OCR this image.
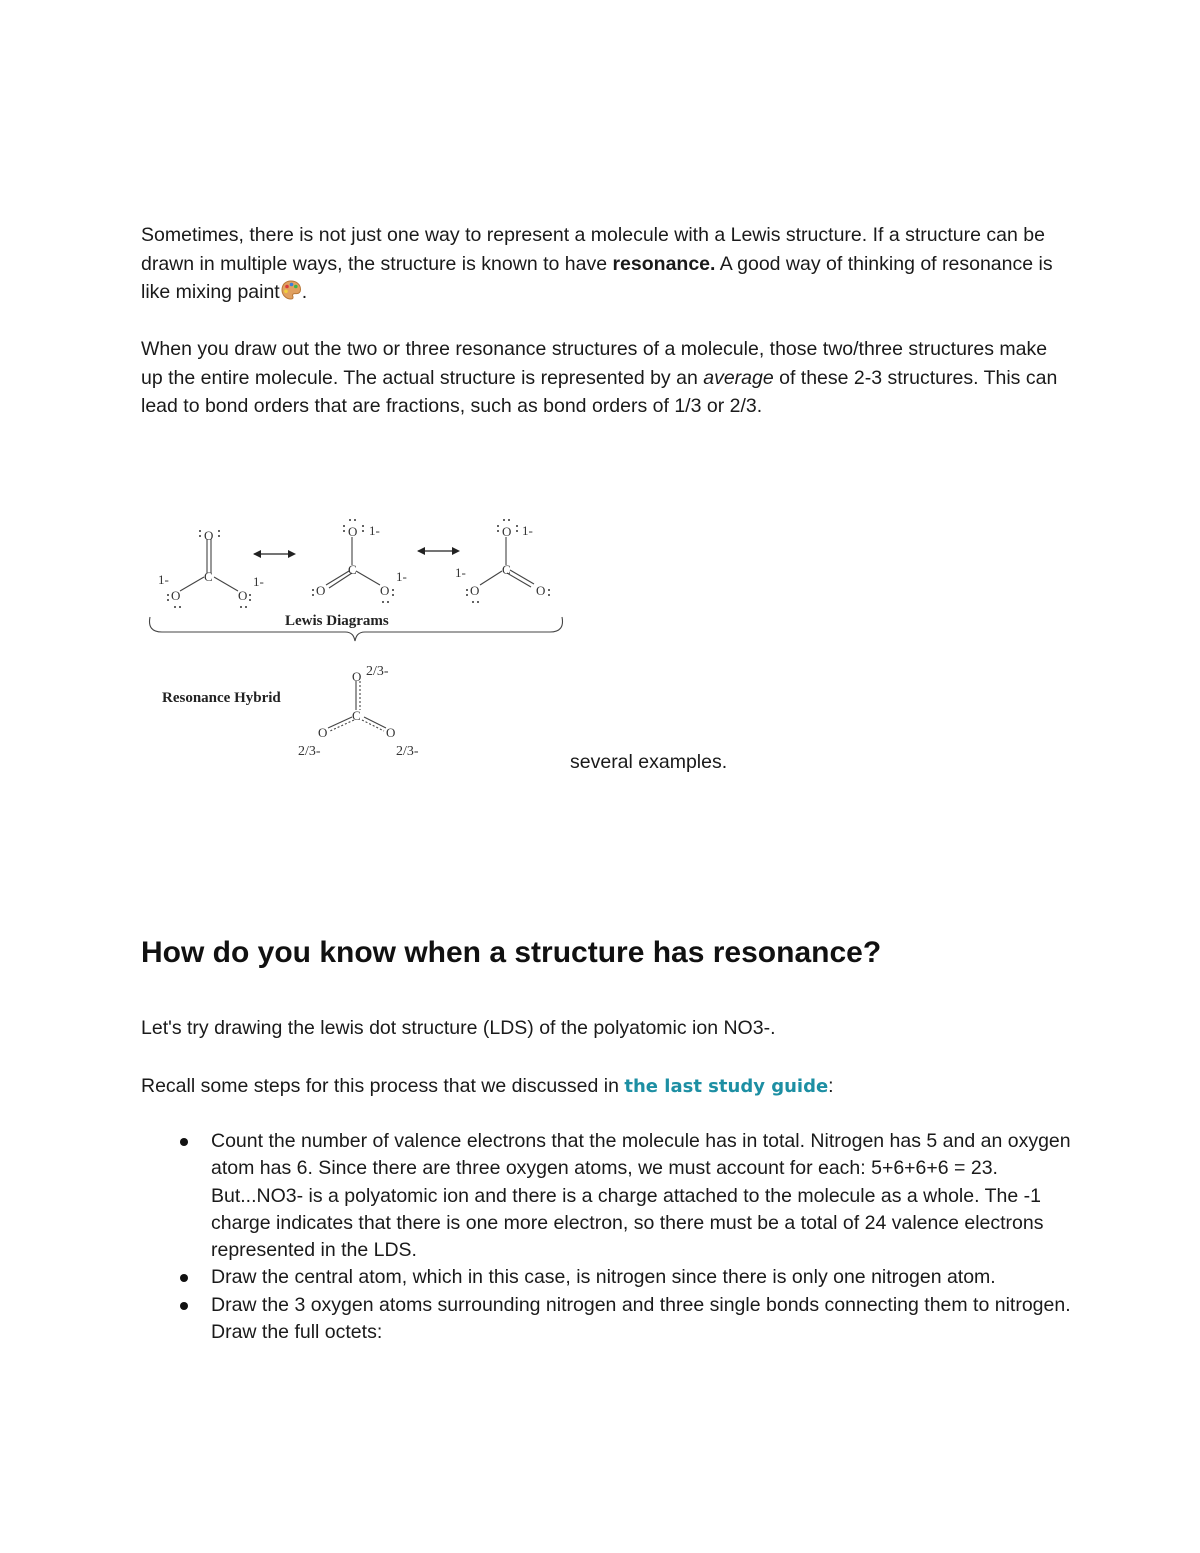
Sometimes, there is not just one way to represent a molecule with a Lewis structure. If a structure can be drawn in multiple ways, the structure is known to have resonance. A good way of thinking of resonance is like mixing paint .

When you draw out the two or three resonance structures of a molecule, those two/three structures make up the entire molecule. The actual structure is represented by an average of these 2-3 structures. This can lead to bond orders that are fractions, such as bond orders of 1/3 or 2/3.

O
C
O	O
1-	1-
O
C
O	O
1-
1-
O
C
O	O
1-
1-
Lewis Diagrams
Resonance Hybrid
O
C
O	O
2/3-
2/3-	2/3-	several examples.
How do you know when a structure has resonance?

Let's try drawing the lewis dot structure (LDS) of the polyatomic ion NO3-.

Recall some steps for this process that we discussed in the last study guide:

Count the number of valence electrons that the molecule has in total. Nitrogen has 5 and an oxygen atom has 6. Since there are three oxygen atoms, we must account for each: 5+6+6+6 = 23. But...NO3- is a polyatomic ion and there is a charge attached to the molecule as a whole. The -1 charge indicates that there is one more electron, so there must be a total of 24 valence electrons represented in the LDS.
Draw the central atom, which in this case, is nitrogen since there is only one nitrogen atom.
Draw the 3 oxygen atoms surrounding nitrogen and three single bonds connecting them to nitrogen. Draw the full octets:
